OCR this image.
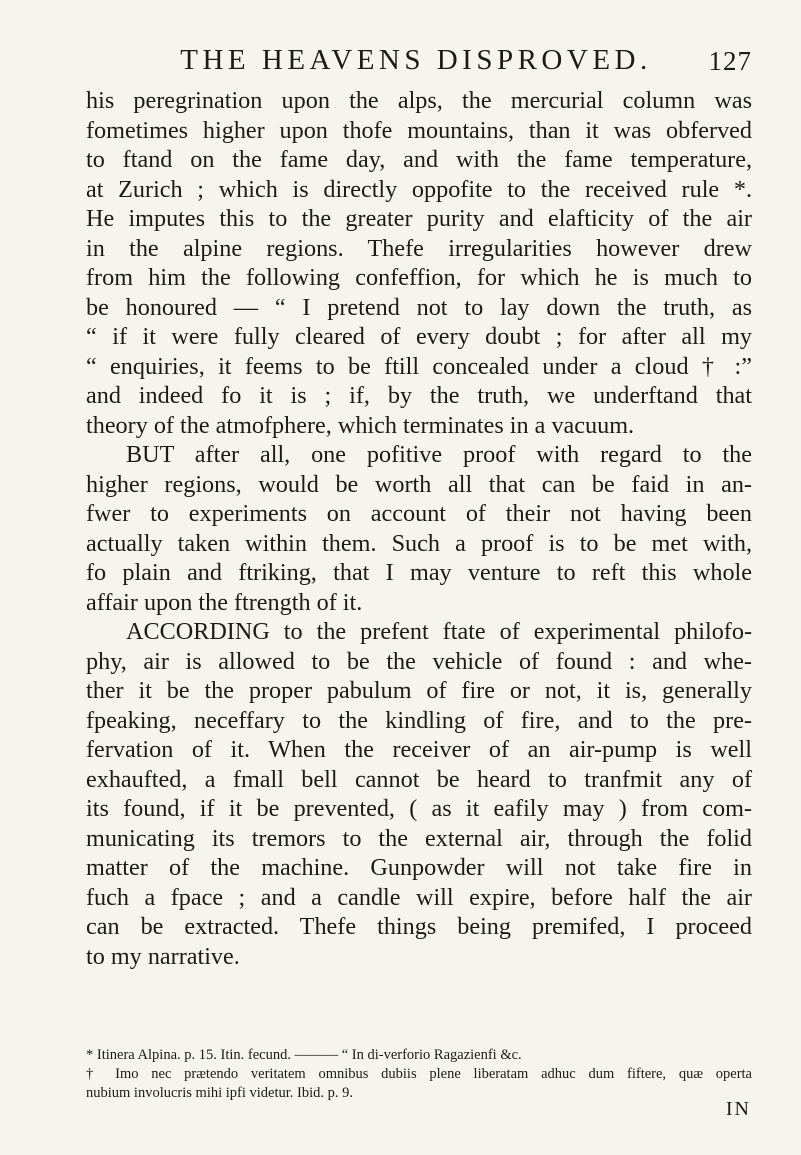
THE HEAVENS DISPROVED.	127
his peregrination upon the alps, the mercurial column was
fometimes higher upon thofe mountains, than it was obferved
to ftand on the fame day, and with the fame temperature,
at Zurich ; which is directly oppofite to the received rule *.
He imputes this to the greater purity and elafticity of the air
in the alpine regions. Thefe irregularities however drew
from him the following confeffion, for which he is much to
be honoured — “ I pretend not to lay down the truth, as
“ if it were fully cleared of every doubt ; for after all my
“ enquiries, it feems to be ftill concealed under a cloud † :”
and indeed fo it is ; if, by the truth, we underftand that
theory of the atmofphere, which terminates in a vacuum.
BUT after all, one pofitive proof with regard to the
higher regions, would be worth all that can be faid in an-
fwer to experiments on account of their not having been
actually taken within them. Such a proof is to be met with,
fo plain and ftriking, that I may venture to reft this whole
affair upon the ftrength of it.
ACCORDING to the prefent ftate of experimental philofo-
phy, air is allowed to be the vehicle of found : and whe-
ther it be the proper pabulum of fire or not, it is, generally
fpeaking, neceffary to the kindling of fire, and to the pre-
fervation of it. When the receiver of an air-pump is well
exhaufted, a fmall bell cannot be heard to tranfmit any of
its found, if it be prevented, ( as it eafily may ) from com-
municating its tremors to the external air, through the folid
matter of the machine. Gunpowder will not take fire in
fuch a fpace ; and a candle will expire, before half the air
can be extracted. Thefe things being premifed, I proceed
to my narrative.
* Itinera Alpina. p. 15. Itin. fecund. ——— “ In di-verforio Ragazienfi &c.
† Imo nec prætendo veritatem omnibus dubiis plene liberatam adhuc dum fiftere, quæ operta
nubium involucris mihi ipfi videtur. Ibid. p. 9.
IN
